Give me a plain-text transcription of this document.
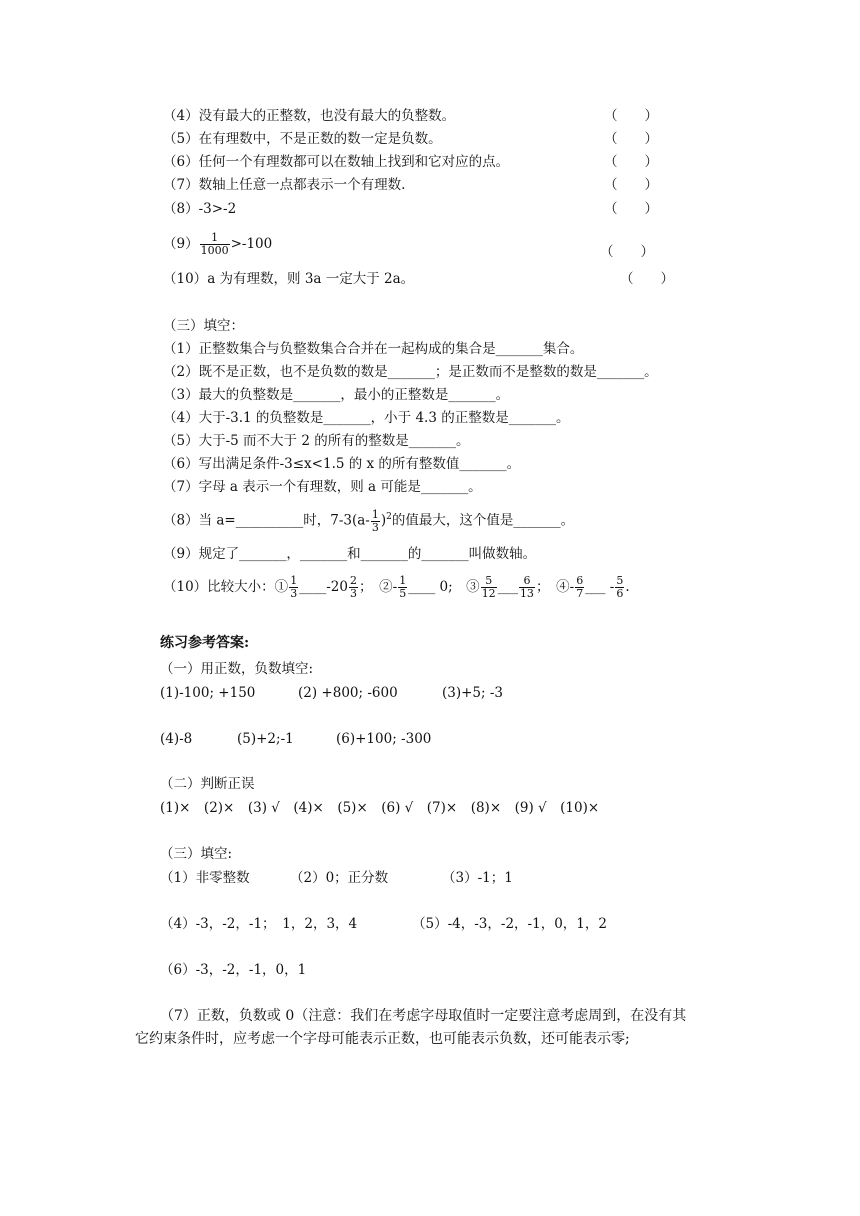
（4）没有最大的正整数，也没有最大的负整数。	（　　）
（5）在有理数中，不是正数的数一定是负数。	（　　）
（6）任何一个有理数都可以在数轴上找到和它对应的点。	（　　）
（7）数轴上任意一点都表示一个有理数.	（　　）
（8）-3>-2	（　　）
$(9) \frac{1}{1000} >-100$	（　　）
（10）a 为有理数，则 3a 一定大于 2a。	（　　）
（三）填空：
（1）正整数集合与负整数集合合并在一起构成的集合是_______集合。
（2）既不是正数，也不是负数的数是_______；是正数而不是整数的数是_______。
（3）最大的负整数是_______，最小的正整数是_______。
（4）大于-3.1 的负整数是_______，小于 4.3 的正整数是_______。
（5）大于-5 而不大于 2 的所有的整数是_______。
（6）写出满足条件-3≤x<1.5 的 x 的所有整数值_______。
（7）字母 a 表示一个有理数，则 a 可能是_______。
（8）当 a=__________时，$7-3(a- \frac{1}{3} )^2$的值最大，这个值是_______。
（9）规定了_______，_______和_______的_______叫做数轴。
（10）比较大小：① $\frac{1}{3}$ ____-20 $\frac{2}{3}$ ；　②- $\frac{1}{5}$ ____ 0;　③ $\frac{5}{12}$ ___ $\frac{6}{13}$ ；　④- $\frac{6}{7}$ ___ - $\frac{5}{6}$ .
练习参考答案:
（一）用正数，负数填空:
(1)-100; +150	(2) +800; -600	(3)+5; -3
(4)-8	(5)+2;-1	(6)+100; -300
（二）判断正误
(1)×　(2)×　(3) √　(4)×　(5)×　(6) √　(7)×　(8)×　(9) √　(10)×
（三）填空:
（1）非零整数	（2）0；正分数	（3）-1；1
（4）-3，-2，-1；　1，2，3，4	（5）-4，-3，-2，-1，0，1，2
（6）-3，-2，-1，0，1
（7）正数，负数或 0（注意：我们在考虑字母取值时一定要注意考虑周到，在没有其
它约束条件时，应考虑一个字母可能表示正数，也可能表示负数，还可能表示零;
